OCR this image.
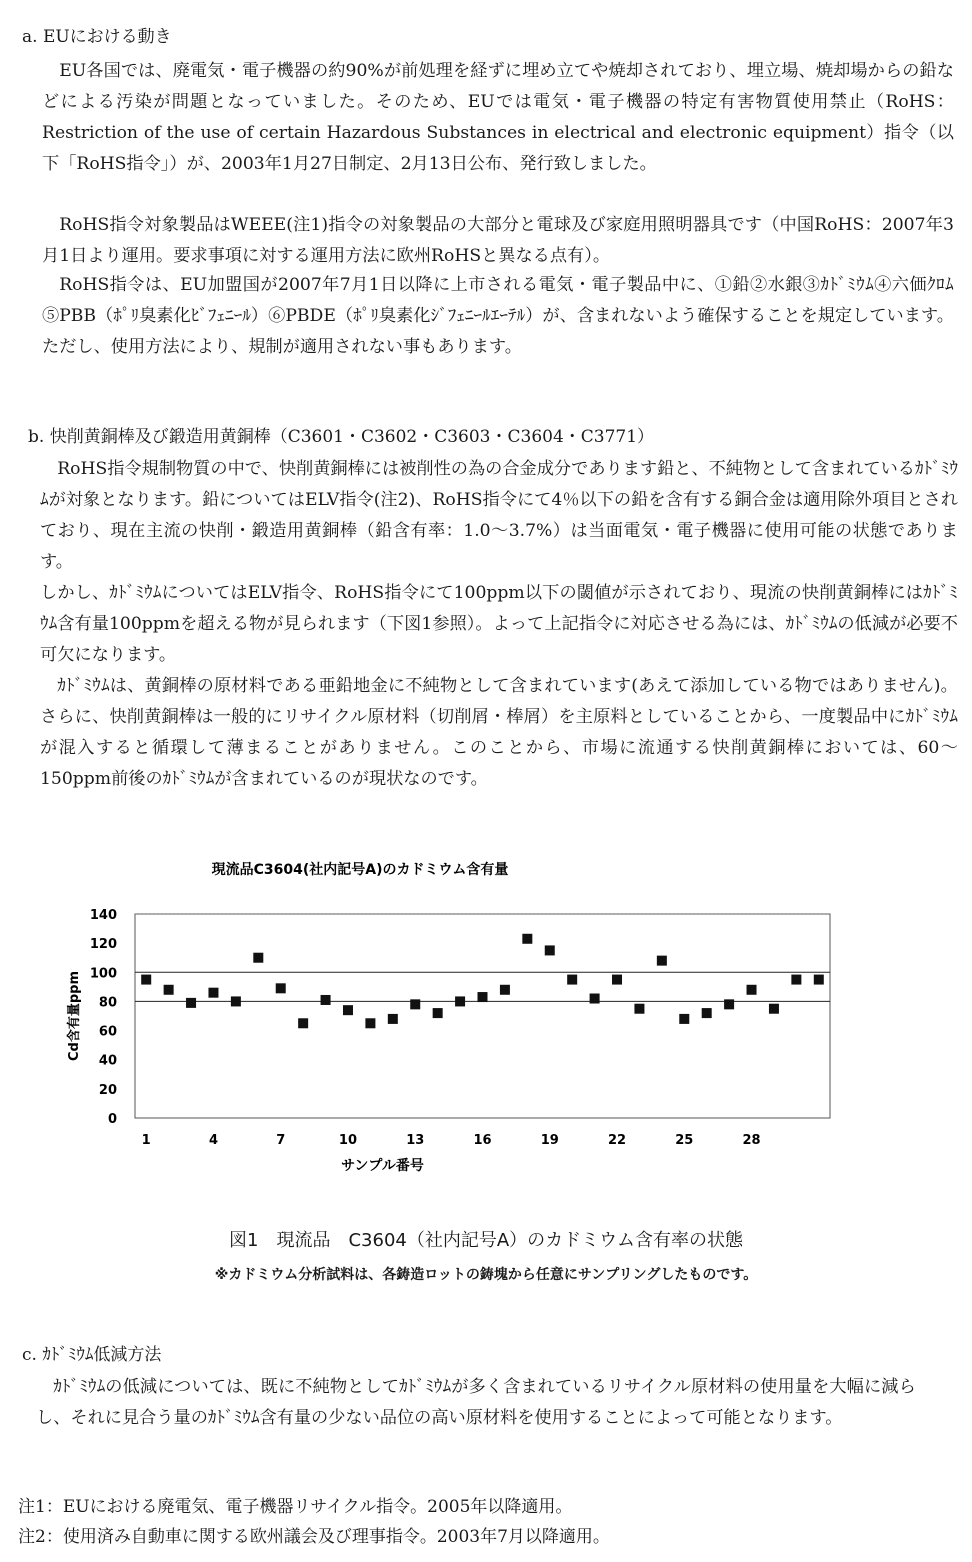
a. EUにおける動き

EU各国では、廃電気・電子機器の約90%が前処理を経ずに埋め立てや焼却されており、埋立場、焼却場からの鉛などによる汚染が問題となっていました。そのため、EUでは電気・電子機器の特定有害物質使用禁止（RoHS：Restriction of the use of certain Hazardous Substances in electrical and electronic equipment）指令（以下「RoHS指令」）が、2003年1月27日制定、2月13日公布、発行致しました。

RoHS指令対象製品はWEEE(注1)指令の対象製品の大部分と電球及び家庭用照明器具です（中国RoHS：2007年3月1日より運用。要求事項に対する運用方法に欧州RoHSと異なる点有）。

RoHS指令は、EU加盟国が2007年7月1日以降に上市される電気・電子製品中に、①鉛②水銀③ｶﾄﾞﾐｳﾑ④六価ｸﾛﾑ⑤PBB（ﾎﾟﾘ臭素化ﾋﾞﾌｪﾆｰﾙ）⑥PBDE（ﾎﾟﾘ臭素化ｼﾞﾌｪﾆｰﾙｴｰﾃﾙ）が、含まれないよう確保することを規定しています。ただし、使用方法により、規制が適用されない事もあります。

b. 快削黄銅棒及び鍛造用黄銅棒（C3601・C3602・C3603・C3604・C3771）

RoHS指令規制物質の中で、快削黄銅棒には被削性の為の合金成分であります鉛と、不純物として含まれているｶﾄﾞﾐｳﾑが対象となります。鉛についてはELV指令(注2)、RoHS指令にて4％以下の鉛を含有する銅合金は適用除外項目とされており、現在主流の快削・鍛造用黄銅棒（鉛含有率：1.0～3.7%）は当面電気・電子機器に使用可能の状態であります。

しかし、ｶﾄﾞﾐｳﾑについてはELV指令、RoHS指令にて100ppm以下の閾値が示されており、現流の快削黄銅棒にはｶﾄﾞﾐｳﾑ含有量100ppmを超える物が見られます（下図1参照）。よって上記指令に対応させる為には、ｶﾄﾞﾐｳﾑの低減が必要不可欠になります。

ｶﾄﾞﾐｳﾑは、黄銅棒の原材料である亜鉛地金に不純物として含まれています(あえて添加している物ではありません)。さらに、快削黄銅棒は一般的にリサイクル原材料（切削屑・棒屑）を主原料としていることから、一度製品中にｶﾄﾞﾐｳﾑが混入すると循環して薄まることがありません。このことから、市場に流通する快削黄銅棒においては、60～150ppm前後のｶﾄﾞﾐｳﾑが含まれているのが現状なのです。

現流品C3604(社内記号A)のカドミウム含有量
0
20
40
60
80
100
120
140
1	4	7	10	13	16	19	22	25	28
サンプル番号
Cd含有量ppm
図1　現流品　C3604（社内記号A）のカドミウム含有率の状態
※カドミウム分析試料は、各鋳造ロットの鋳塊から任意にサンプリングしたものです。
c. ｶﾄﾞﾐｳﾑ低減方法

ｶﾄﾞﾐｳﾑの低減については、既に不純物としてｶﾄﾞﾐｳﾑが多く含まれているリサイクル原材料の使用量を大幅に減らし、それに見合う量のｶﾄﾞﾐｳﾑ含有量の少ない品位の高い原材料を使用することによって可能となります。

注1：EUにおける廃電気、電子機器リサイクル指令。2005年以降適用。
注2：使用済み自動車に関する欧州議会及び理事指令。2003年7月以降適用。
